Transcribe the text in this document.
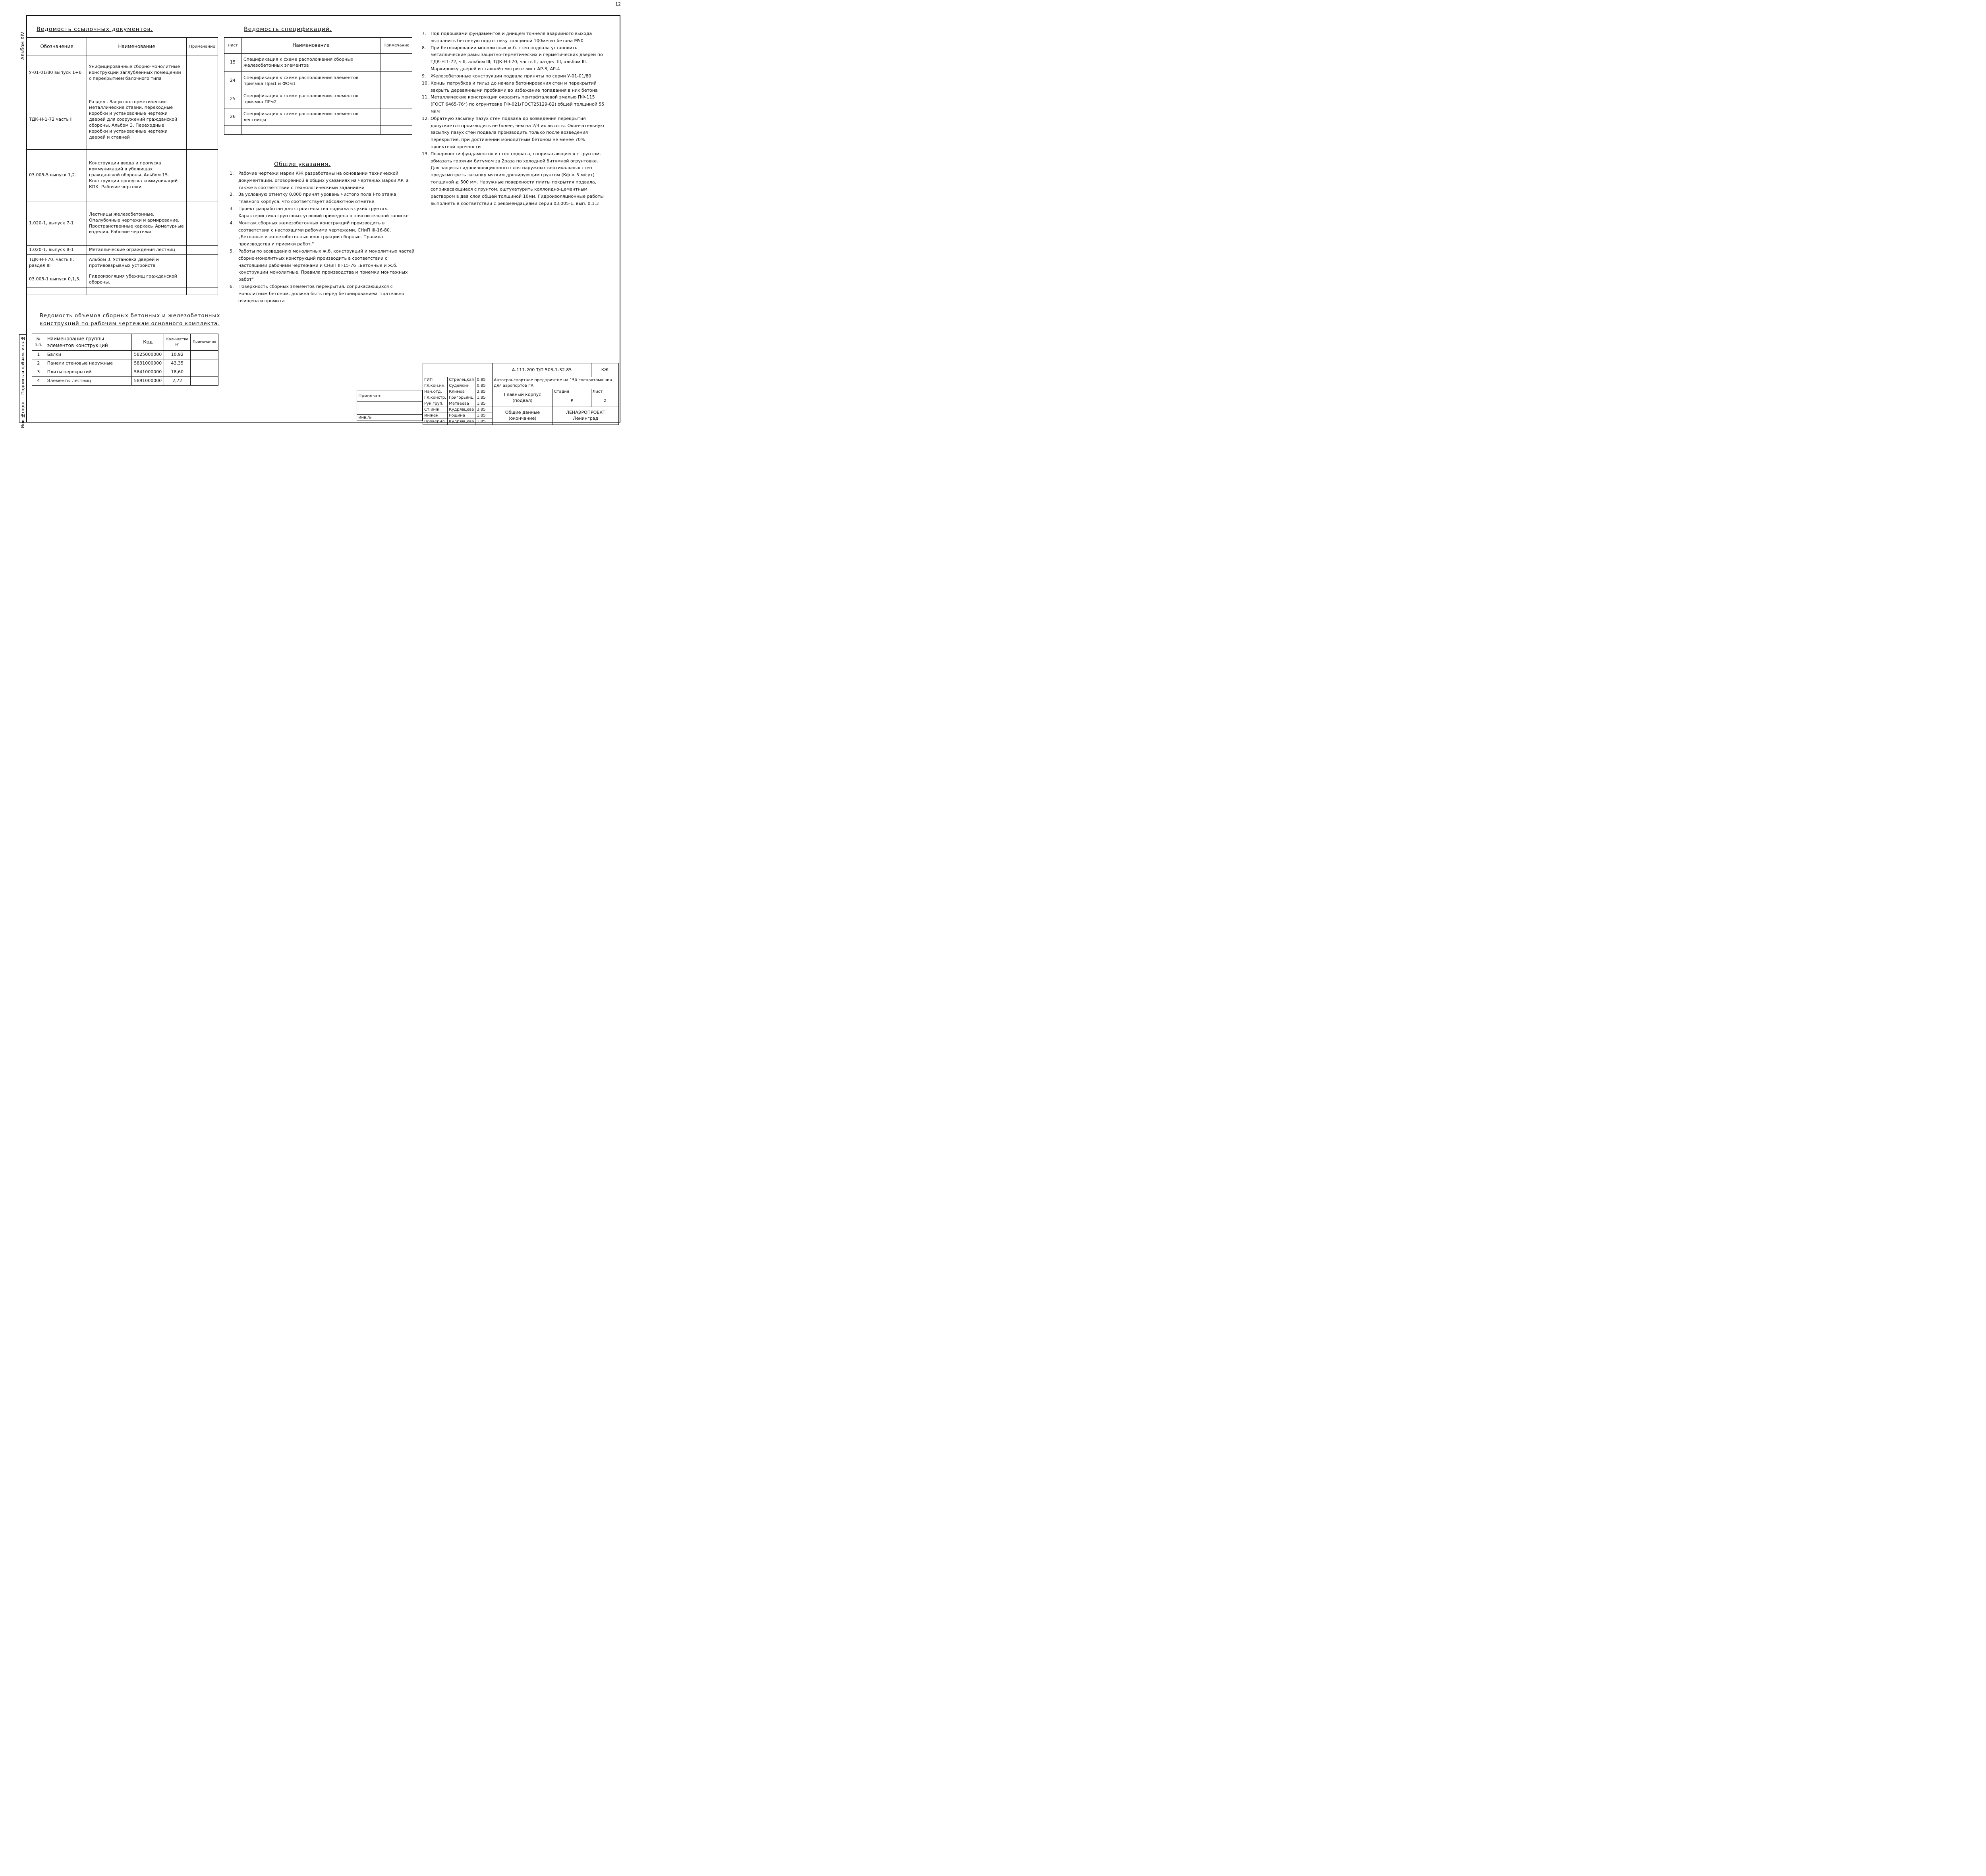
12
Альбом XIV
Инв.№подл.
Подпись и дата
Взам. инв.№
Ведомость ссылочных документов.
Обозначение	Наименование	Примечание
У-01-01/80 выпуск 1÷6	Унифицированные сборно-монолитные конструкции заглубленных помещений с перекрытием балочного типа	
ТДК-Н-1-72 часть II	Раздел - Защитно-герметические металлические ставни, переходные коробки и установочные чертежи дверей для сооружений гражданской обороны. Альбом 3. Переходные коробки и установочные чертежи дверей и ставней	
03.005-5 выпуск 1,2.	Конструкции ввода и пропуска коммуникаций в убежищах гражданской обороны. Альбом 15. Конструкции пропуска коммуникаций КПК. Рабочие чертежи	
1.020-1, выпуск 7-1	Лестницы железобетонные, Опалубочные чертежи и армирование. Пространственные каркасы Арматурные изделия. Рабочие чертежи	
1.020-1, выпуск 8-1	Металлические ограждения лестниц	
ТДК-Н-I-70, часть II, раздел III	Альбом 3. Установка дверей и противовзрывных устройств	
03.005-1 выпуск 0,1,3.	Гидроизоляция убежищ гражданской обороны.	

Ведомость спецификаций.
Лист	Наименование	Примечание
15	Спецификация к схеме расположения сборных железобетонных элементов	
24	Спецификация к схеме расположения элементов приямка Прм1 и ФОм1	
25	Спецификация к схеме расположения элементов приямка ПРм2	
26	Спецификация к схеме расположения элементов лестницы	

Ведомость объемов сборных бетонных и железобетонных конструкций по рабочим чертежам основного комплекта.
№ п.п.	Наименование группы элементов конструкций	Код	Количество м³	Примечание
1	Балки	5825000000	10,92	
2	Панели стеновые наружные	5831000000	43,35	
3	Плиты перекрытий	5841000000	18,60	
4	Элементы лестниц	5891000000	2,72	
Общие указания.
1.	Рабочие чертежи марки КЖ разработаны на основании технической документации, оговоренной в общих указаниях на чертежах марки АР, а также в соответствии с технологическими заданиями
2.	За условную отметку 0.000 принят уровень чистого пола I-го этажа главного корпуса, что соответствует абсолютной отметке
3.	Проект разработан для строительства подвала в сухих грунтах. Характеристика грунтовых условий приведена в пояснительной записке
4.	Монтаж сборных железобетонных конструкций производить в соответствии с настоящими рабочими чертежами, СНиП III-16-80. „Бетонные и железобетонные конструкции сборные. Правила производства и приемки работ."
5.	Работы по возведению монолитных ж.б. конструкций и монолитных частей сборно-монолитных конструкций производить в соответствии с настоящими рабочими чертежами и СНиП III-15-76 „Бетонные и ж.б. конструкции монолитные. Правила производства и приемки монтажных работ"
6.	Поверхность сборных элементов перекрытия, соприкасающихся с монолитным бетоном, должна быть перед бетонированием тщательно очищена и промыта
7.	Под подошвами фундаментов и днищем тоннеля аварийного выхода выполнить бетонную подготовку толщиной 100мм из бетона М50
8.	При бетонировании монолитных ж.б. стен подвала установить металлические рамы защитно-герметических и герметических дверей по ТДК-Н-1-72, ч.II, альбом III; ТДК-Н-I-70, часть II, раздел III, альбом III. Маркировку дверей и ставней смотрите лист АР-3, АР-4
9.	Железобетонные конструкции подвала приняты по серии У-01-01/80
10. Концы патрубков и гильз до начала бетонирования стен и перекрытий закрыть деревянными пробками во избежание попадания в них бетона
11. Металлические конструкции окрасить пентафталевой эмалью ПФ-115 (ГОСТ 6465-76*) по огрунтовке ГФ-021(ГОСТ25129-82) общей толщиной 55 мкм
12. Обратную засыпку пазух стен подвала до возведения перекрытия допускается производить не более, чем на 2/3 их высоты. Окончательную засыпку пазух стен подвала производить только после возведения перекрытия, при достижении монолитным бетоном не менее 70% проектной прочности
13. Поверхности фундаментов и стен подвала, соприкасающиеся с грунтом, обмазать горячим битумом за 2раза по холодной битумной огрунтовке. Для защиты гидроизоляционного слоя наружных вертикальных стен предусмотреть засыпку мягким дренирующим грунтом (Кф > 5 м/сут) толщиной ≥ 500 мм. Наружные поверхности плиты покрытия подвала, соприкасающиеся с грунтом, оштукатурить коллоидно-цементным раствором в два слоя общей толщиной 10мм. Гидроизоляционные работы выполнять в соответствии с рекомендациями серии 03.005-1, вып. 0,1,3
Привязан:

Инв.№
			А-111-200 Т/П 503-1-32.85		КЖ
ГИП	Стрелецкая	0.85	Автотранспортное предприятие на 150 спецавтомашин для аэропортов ГА		
Гл.кон.ин.	Судейкин	0.85			
Нач.отд.	Климов	2.85	Главный корпус (подвал)	Стадия	Лист
Гл.констр.	Григорьянц	1.85		Р	2
Рук.груп.	Матвеева	1.85			
Ст.инж.	Кудрявцева	3.85	Общие данные (окончание)	ЛЕНАЭРОПРОЕКТ Ленинград	
Инжен.	Рощина	1.85			
Проверил	Кудрявцева	1.85			
